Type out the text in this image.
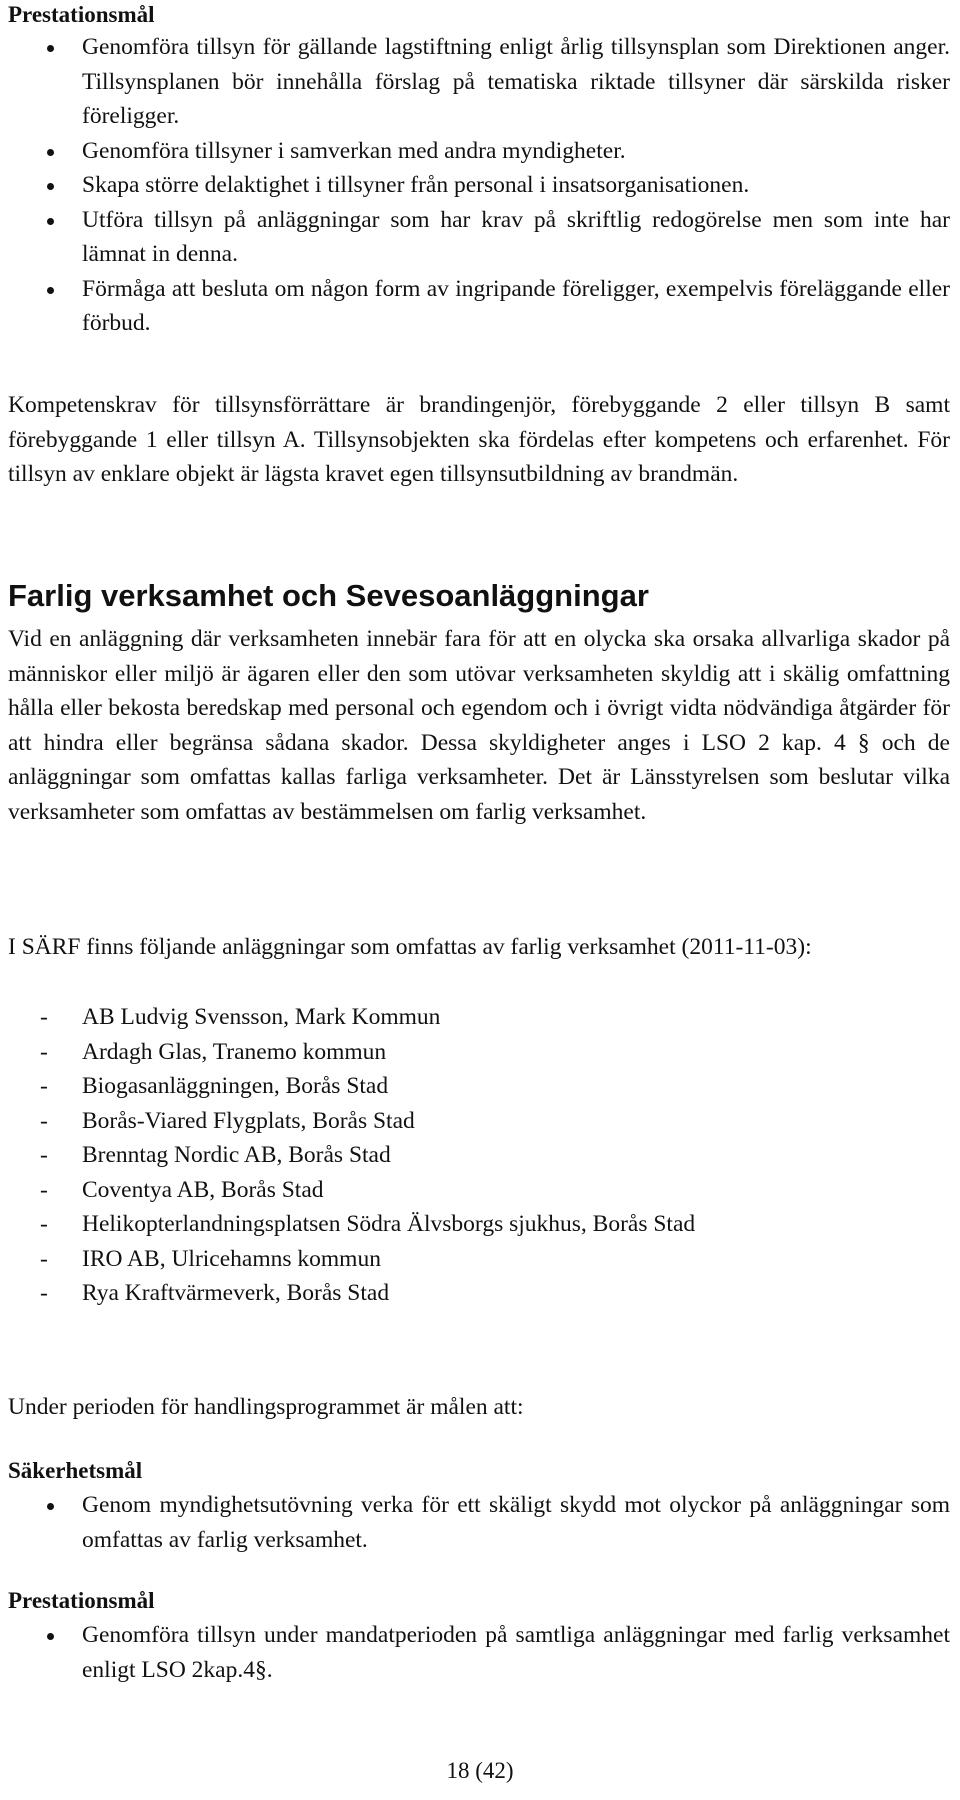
Prestationsmål
Genomföra tillsyn för gällande lagstiftning enligt årlig tillsynsplan som Direktionen anger. Tillsynsplanen bör innehålla förslag på tematiska riktade tillsyner där särskilda risker föreligger.
Genomföra tillsyner i samverkan med andra myndigheter.
Skapa större delaktighet i tillsyner från personal i insatsorganisationen.
Utföra tillsyn på anläggningar som har krav på skriftlig redogörelse men som inte har lämnat in denna.
Förmåga att besluta om någon form av ingripande föreligger, exempelvis föreläggande eller förbud.
Kompetenskrav för tillsynsförrättare är brandingenjör, förebyggande 2 eller tillsyn B samt förebyggande 1 eller tillsyn A. Tillsynsobjekten ska fördelas efter kompetens och erfarenhet. För tillsyn av enklare objekt är lägsta kravet egen tillsynsutbildning av brandmän.
Farlig verksamhet och Sevesoanläggningar
Vid en anläggning där verksamheten innebär fara för att en olycka ska orsaka allvarliga skador på människor eller miljö är ägaren eller den som utövar verksamheten skyldig att i skälig omfattning hålla eller bekosta beredskap med personal och egendom och i övrigt vidta nödvändiga åtgärder för att hindra eller begränsa sådana skador. Dessa skyldigheter anges i LSO 2 kap. 4 § och de anläggningar som omfattas kallas farliga verksamheter. Det är Länsstyrelsen som beslutar vilka verksamheter som omfattas av bestämmelsen om farlig verksamhet.
I SÄRF finns följande anläggningar som omfattas av farlig verksamhet (2011-11-03):
- AB Ludvig Svensson, Mark Kommun
- Ardagh Glas, Tranemo kommun
- Biogasanläggningen, Borås Stad
- Borås-Viared Flygplats, Borås Stad
- Brenntag Nordic AB, Borås Stad
- Coventya AB, Borås Stad
- Helikopterlandningsplatsen Södra Älvsborgs sjukhus, Borås Stad
- IRO AB, Ulricehamns kommun
- Rya Kraftvärmeverk, Borås Stad
Under perioden för handlingsprogrammet är målen att:
Säkerhetsmål
Genom myndighetsutövning verka för ett skäligt skydd mot olyckor på anläggningar som omfattas av farlig verksamhet.
Prestationsmål
Genomföra tillsyn under mandatperioden på samtliga anläggningar med farlig verksamhet enligt LSO 2kap.4§.
18 (42)
